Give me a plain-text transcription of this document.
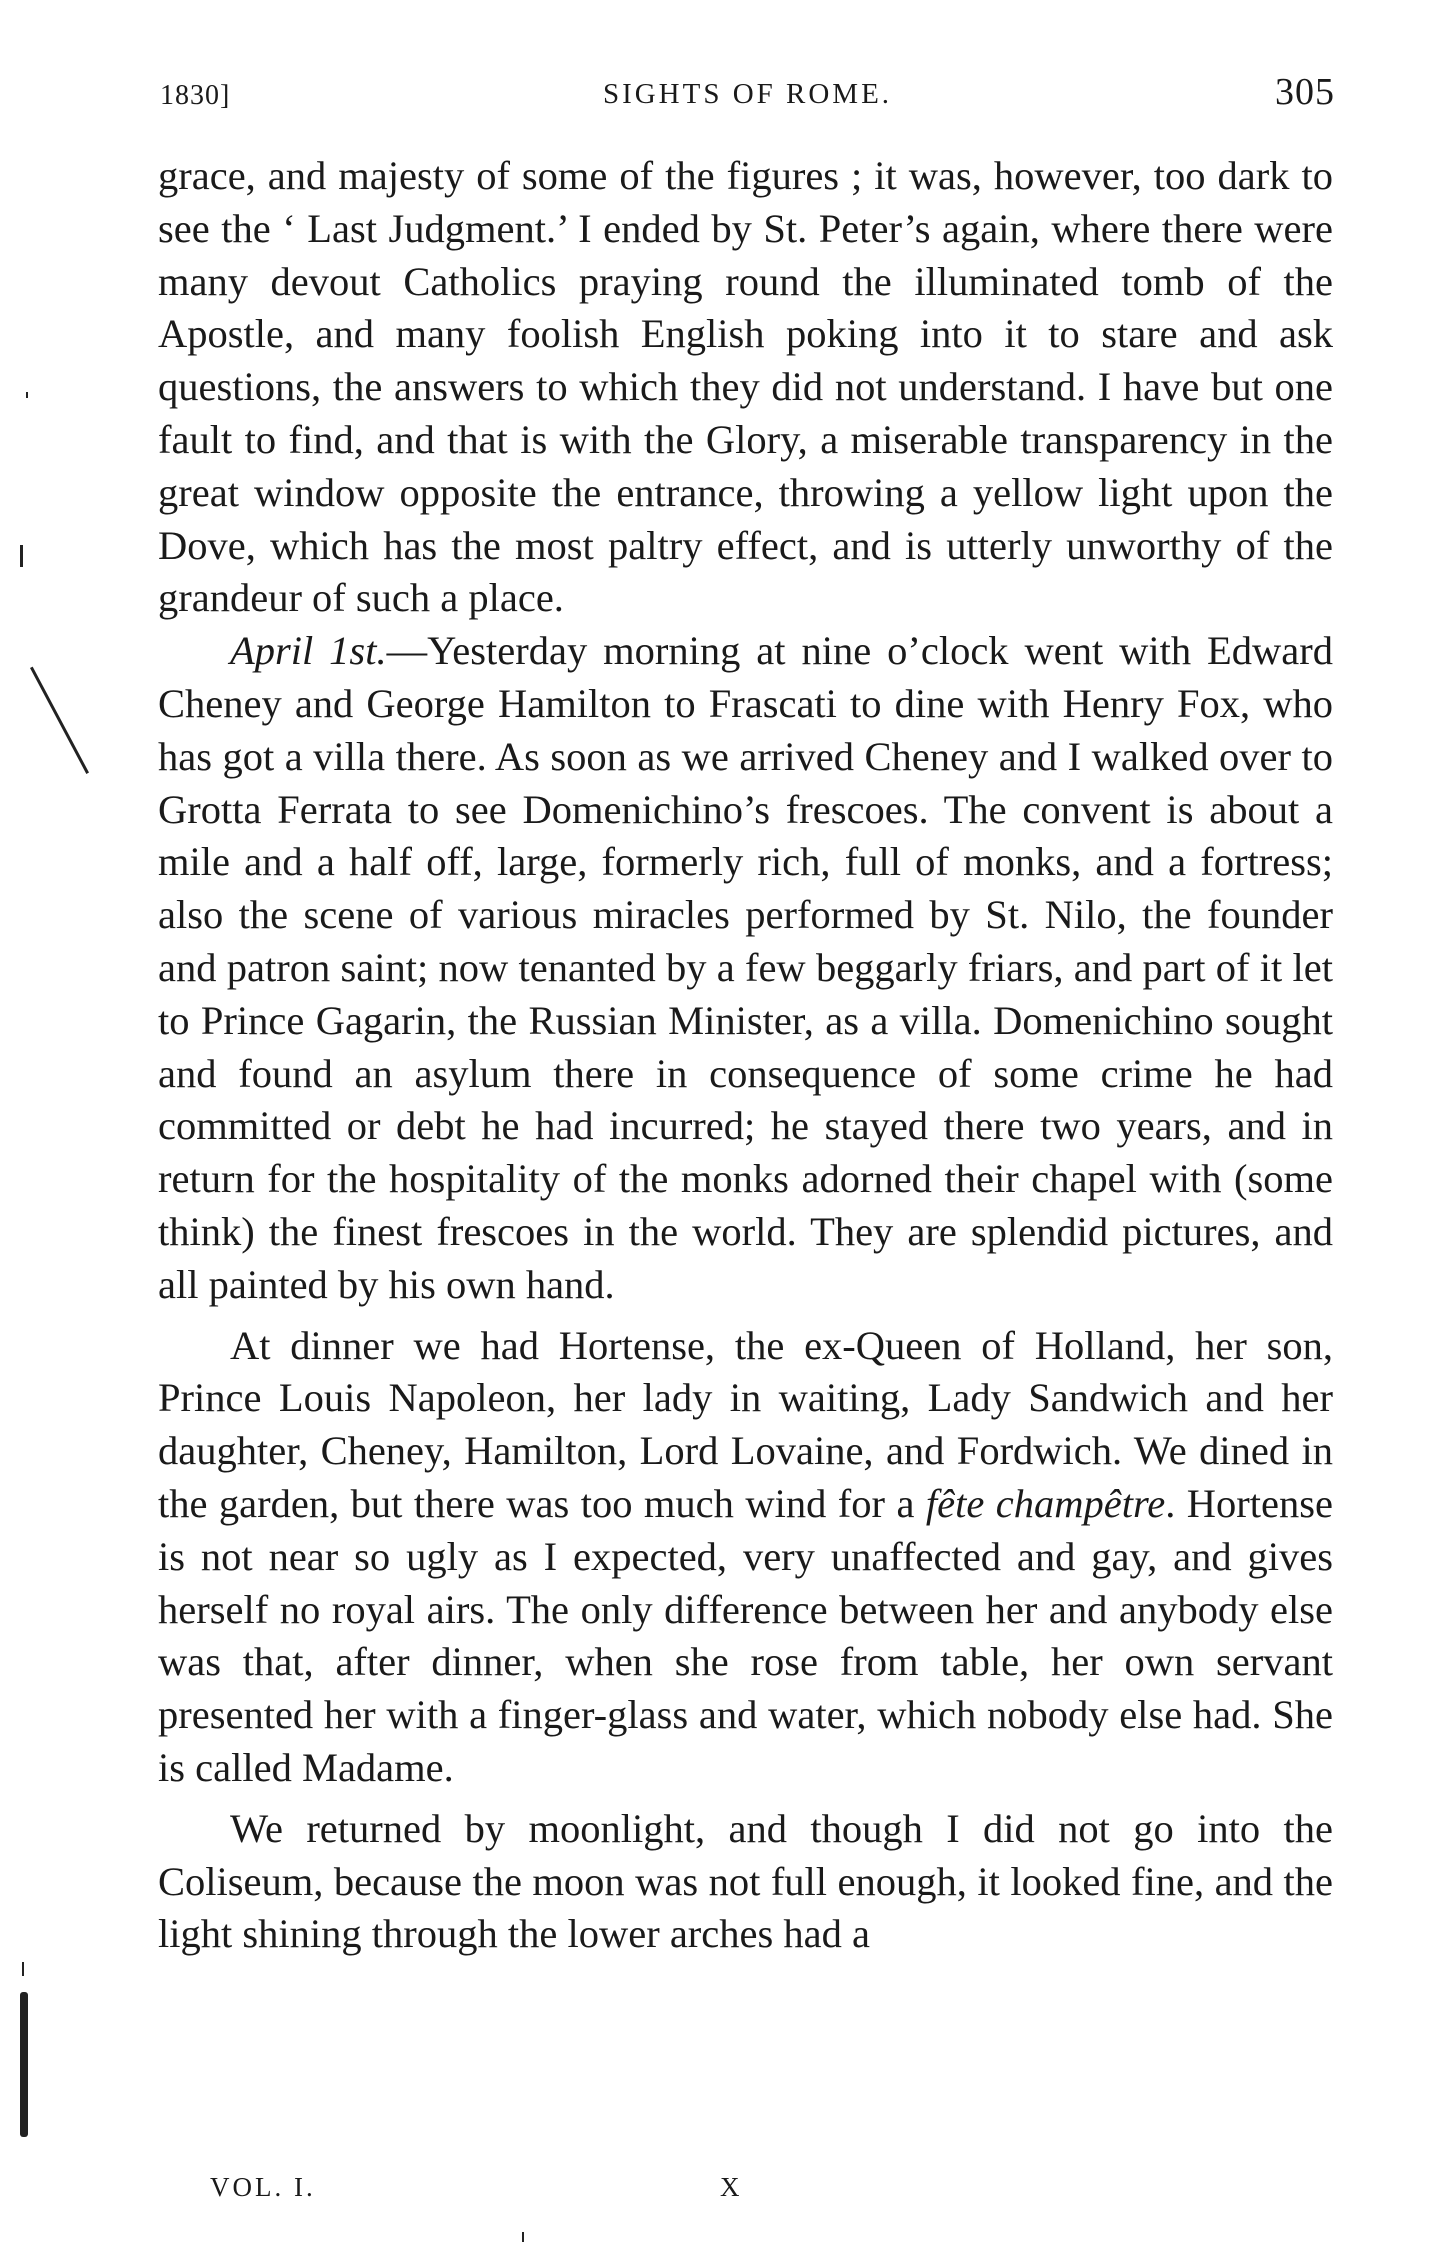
1830]	SIGHTS OF ROME.	305

grace, and majesty of some of the figures ; it was, however, too dark to see the ‘ Last Judgment.’ I ended by St. Peter’s again, where there were many devout Catholics praying round the illuminated tomb of the Apostle, and many foolish English poking into it to stare and ask questions, the answers to which they did not understand. I have but one fault to find, and that is with the Glory, a miserable transparency in the great window opposite the entrance, throwing a yellow light upon the Dove, which has the most paltry effect, and is utterly unworthy of the grandeur of such a place.

April 1st.—Yesterday morning at nine o’clock went with Edward Cheney and George Hamilton to Frascati to dine with Henry Fox, who has got a villa there. As soon as we arrived Cheney and I walked over to Grotta Ferrata to see Domenichino’s frescoes. The convent is about a mile and a half off, large, formerly rich, full of monks, and a fortress; also the scene of various miracles performed by St. Nilo, the founder and patron saint; now tenanted by a few beggarly friars, and part of it let to Prince Gagarin, the Russian Minister, as a villa. Domenichino sought and found an asylum there in consequence of some crime he had committed or debt he had incurred; he stayed there two years, and in return for the hospitality of the monks adorned their chapel with (some think) the finest frescoes in the world. They are splendid pictures, and all painted by his own hand.

At dinner we had Hortense, the ex-Queen of Holland, her son, Prince Louis Napoleon, her lady in waiting, Lady Sandwich and her daughter, Cheney, Hamilton, Lord Lovaine, and Fordwich. We dined in the garden, but there was too much wind for a fête champêtre. Hortense is not near so ugly as I expected, very unaffected and gay, and gives herself no royal airs. The only difference between her and anybody else was that, after dinner, when she rose from table, her own servant presented her with a finger-glass and water, which nobody else had. She is called Madame.

We returned by moonlight, and though I did not go into the Coliseum, because the moon was not full enough, it looked fine, and the light shining through the lower arches had a

VOL. I.	X
